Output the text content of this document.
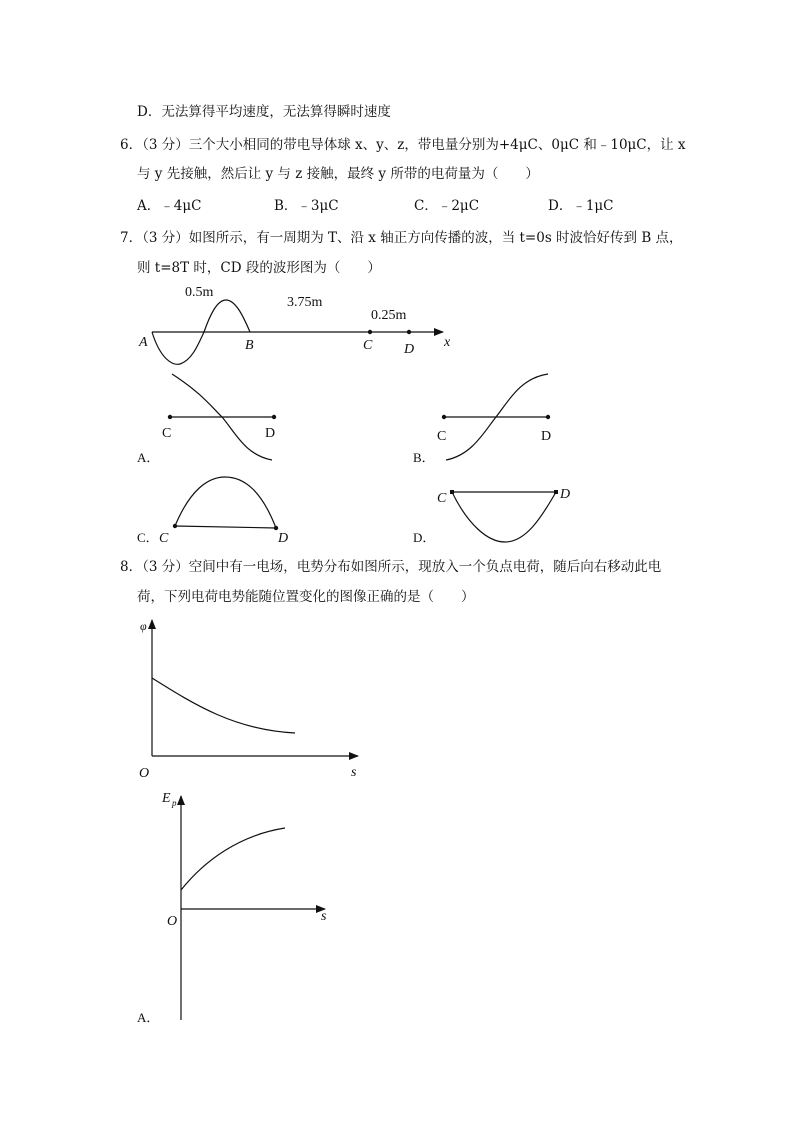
D．无法算得平均速度，无法算得瞬时速度
6．（3 分）三个大小相同的带电导体球 x、y、z，带电量分别为+4μC、0μC 和﹣10μC，让 x
与 y 先接触，然后让 y 与 z 接触，最终 y 所带的电荷量为（　　）
A．﹣4μC	B．﹣3μC	C．﹣2μC	D．﹣1μC
7．（3 分）如图所示，有一周期为 T、沿 x 轴正方向传播的波，当 t=0s 时波恰好传到 B 点，
则 t=8T 时，CD 段的波形图为（　　）
8．（3 分）空间中有一电场，电势分布如图所示，现放入一个负点电荷，随后向右移动此电
荷，下列电荷电势能随位置变化的图像正确的是（　　）
0.5m
3.75m
0.25m
A	B	C D x
C	D
A．
C	D
B．
C． C	D
C	D
D．
φ
O	s
E p
O	s
A．
